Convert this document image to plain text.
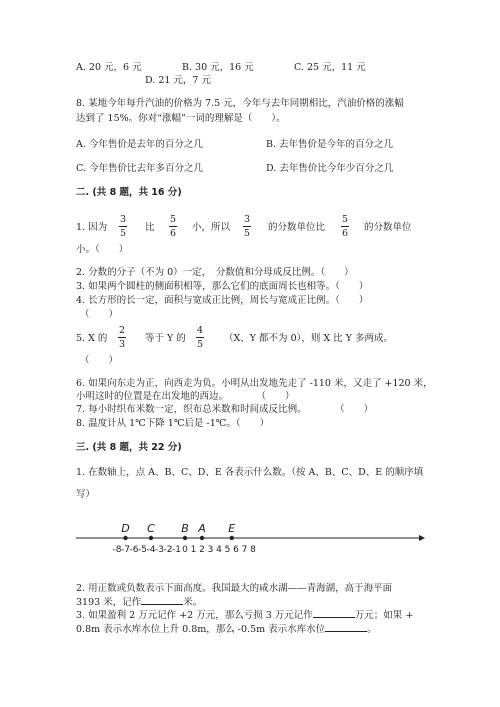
A. 20 元，6 元	B. 30 元，16 元	C. 25 元，11 元
D. 21 元，7 元
8. 某地今年每升汽油的价格为 7.5 元，今年与去年同期相比，汽油价格的涨幅
达到了 15%。你对“涨幅”一词的理解是（　　）。
A. 今年售价是去年的百分之几	B. 去年售价是今年的百分之几
C. 今年售价比去年多百分之几	D. 去年售价比今年少百分之几
二. (共 8 题，共 16 分)
1. 因为
3
5
比
5
6
小，所以
3
5
的分数单位比
5
6
的分数单位
小。（　　）
2. 分数的分子（不为 0）一定，　分数值和分母成反比例。（　　）
3. 如果两个圆柱的侧面积相等，那么它们的底面周长也相等。（　　）
4. 长方形的长一定，面积与宽成正比例，周长与宽成正比例。（　　）
（　　）
5. X 的
2
3
等于 Y 的
4
5
（X、Y 都不为 0），则 X 比 Y 多两成。
（　　）
6. 如果向东走为正，向西走为负。小明从出发地先走了 -110 米，又走了 +120 米，
小明这时的位置是在出发地的西边。　　　　（　　）
7. 每小时织布米数一定，织布总米数和时间成反比例。　　　　（　　）
8. 温度计从 1℃下降 1℃后是 -1℃。（　　）
三. (共 8 题，共 22 分)
1. 在数轴上，点 A、B、C、D、E 各表示什么数。（按 A、B、C、D、E 的顺序填
写）
-8 -7 -6 -5 -4 -3 -2 -1 0 1 2 3 4 5 6 7 8
D C B A E
2. 用正数或负数表示下面高度。我国最大的咸水湖——青海湖，高于海平面
3193 米，记作	米。
3. 如果盈利 2 万元记作 +2 万元，那么亏损 3 万元记作	万元；如果 +
0.8m 表示水库水位上升 0.8m，那么 -0.5m 表示水库水位	。
